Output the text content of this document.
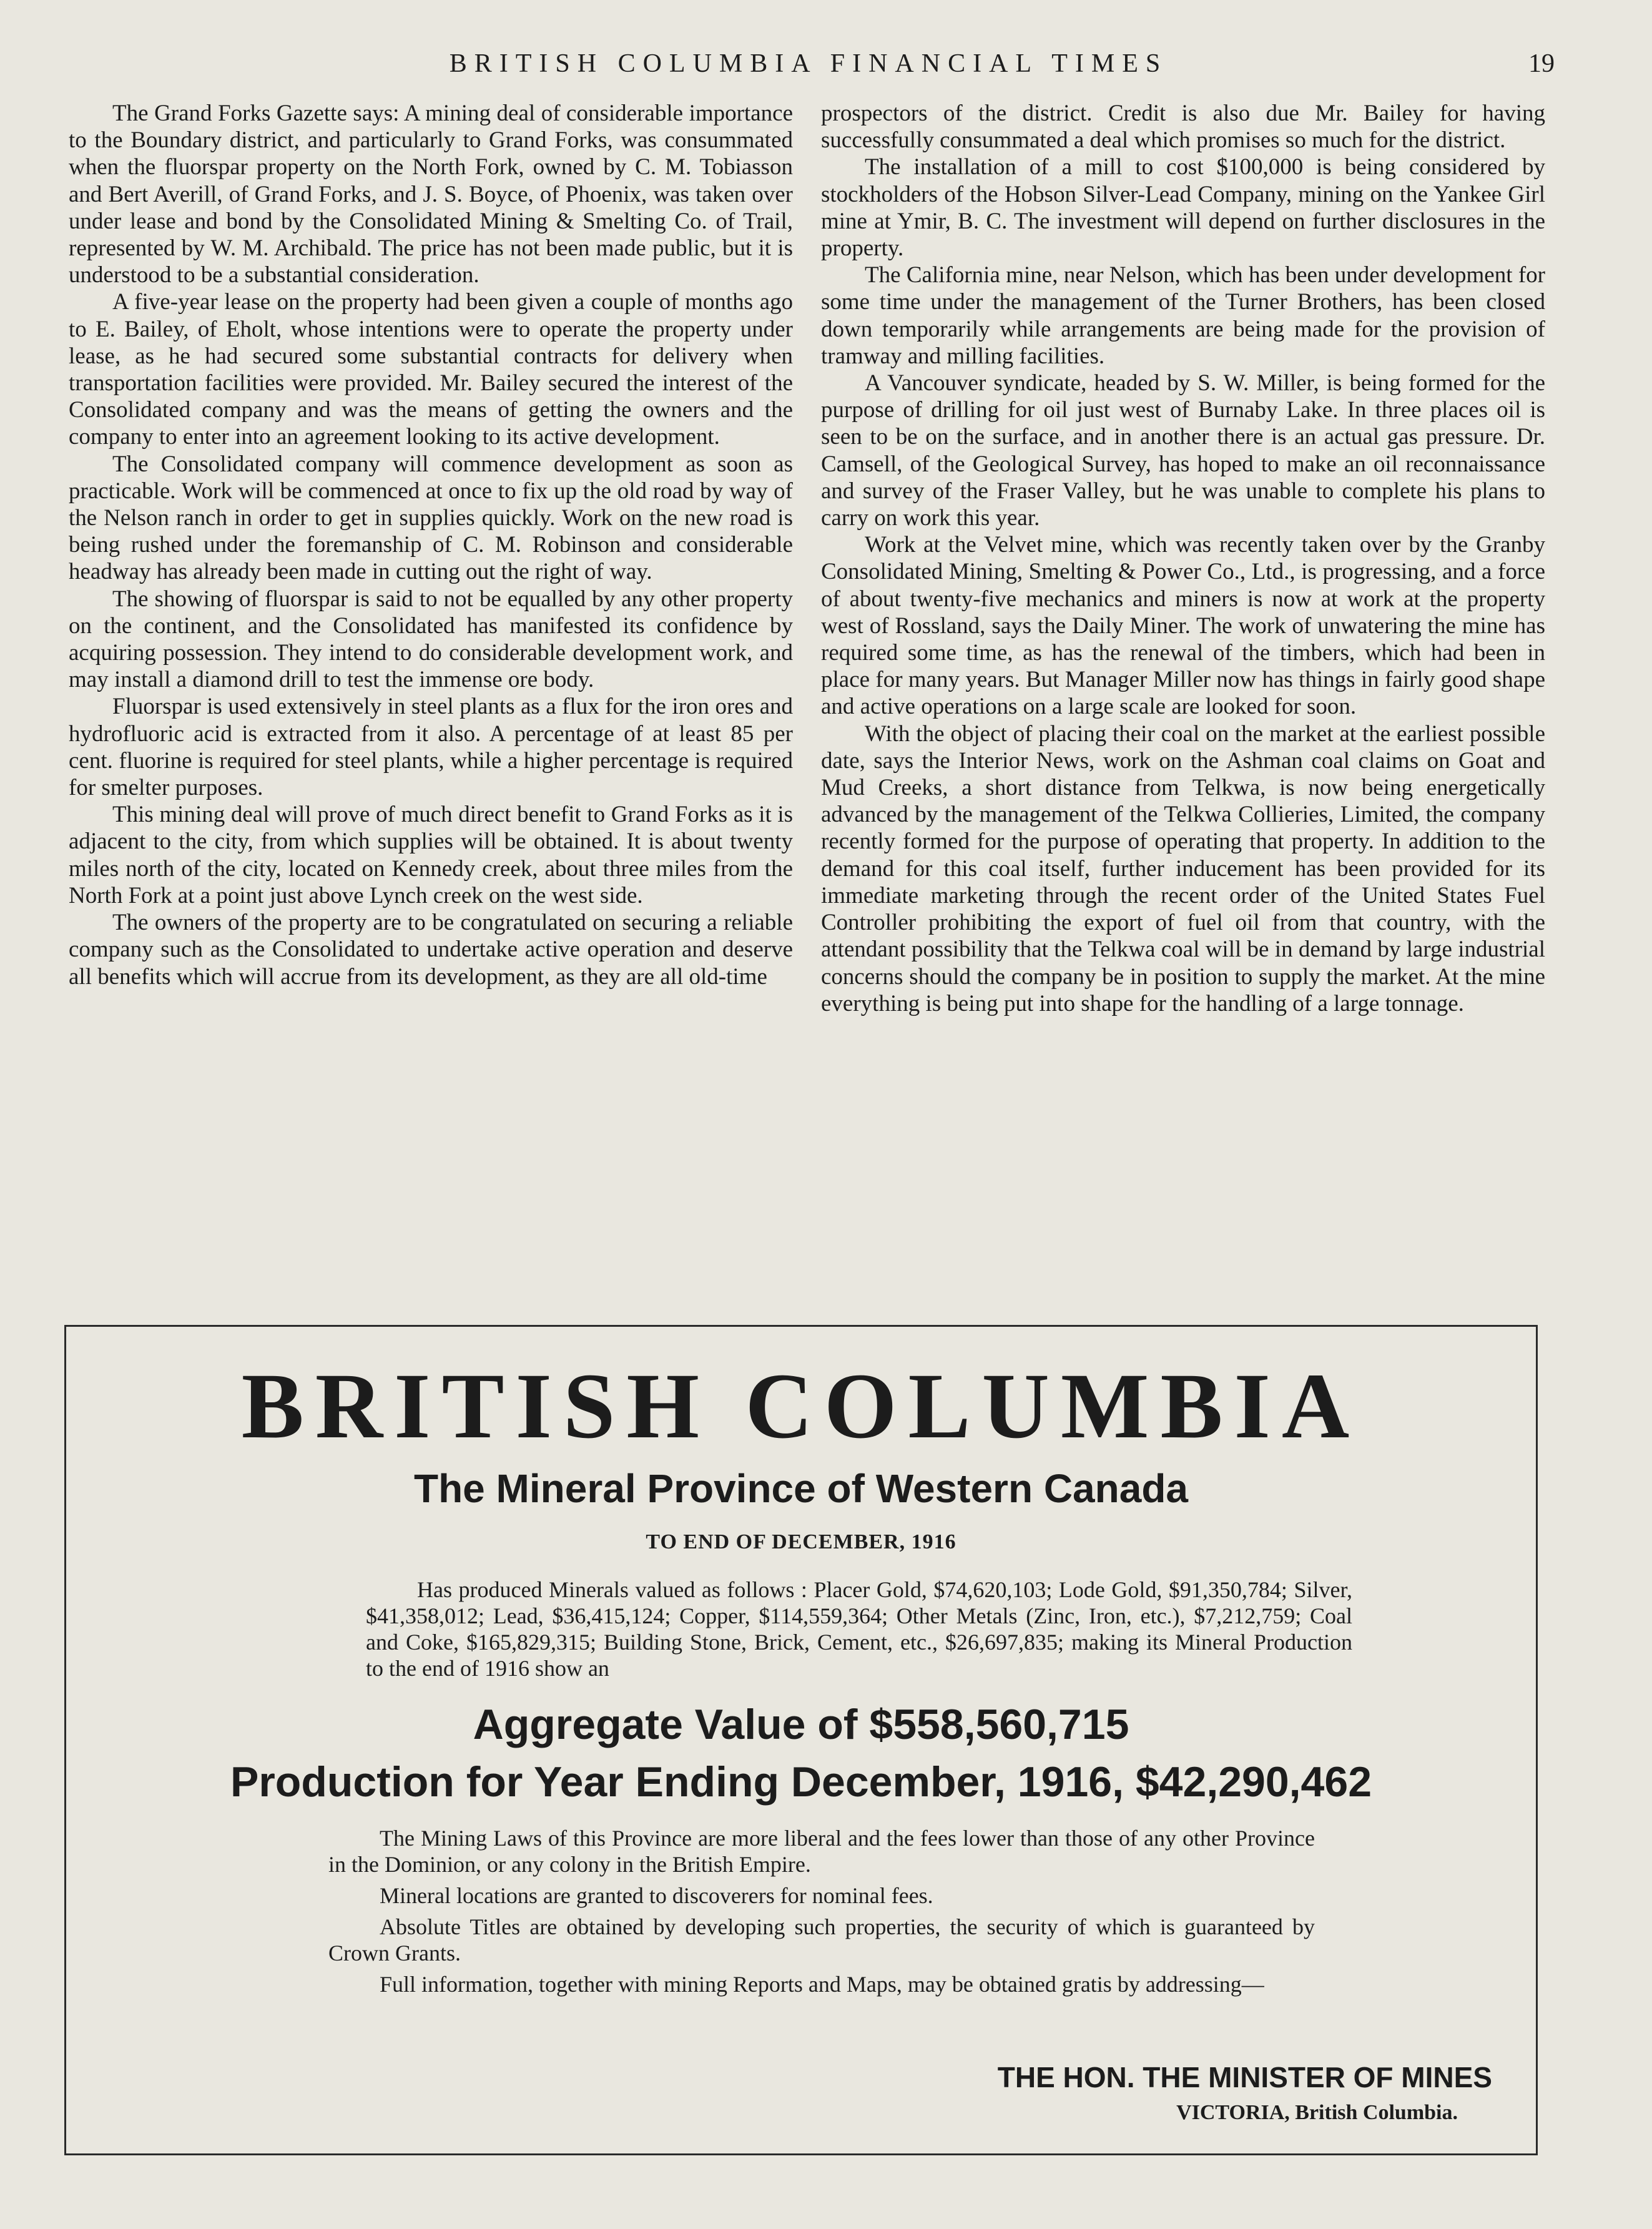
BRITISH COLUMBIA FINANCIAL TIMES	19

The Grand Forks Gazette says: A mining deal of considerable importance to the Boundary district, and particularly to Grand Forks, was consummated when the fluorspar property on the North Fork, owned by C. M. Tobiasson and Bert Averill, of Grand Forks, and J. S. Boyce, of Phoenix, was taken over under lease and bond by the Consolidated Mining & Smelting Co. of Trail, represented by W. M. Archibald. The price has not been made public, but it is understood to be a substantial consideration.

A five-year lease on the property had been given a couple of months ago to E. Bailey, of Eholt, whose intentions were to operate the property under lease, as he had secured some substantial contracts for delivery when transportation facilities were provided. Mr. Bailey secured the interest of the Consolidated company and was the means of getting the owners and the company to enter into an agreement looking to its active development.

The Consolidated company will commence development as soon as practicable. Work will be commenced at once to fix up the old road by way of the Nelson ranch in order to get in supplies quickly. Work on the new road is being rushed under the foremanship of C. M. Robinson and considerable headway has already been made in cutting out the right of way.

The showing of fluorspar is said to not be equalled by any other property on the continent, and the Consolidated has manifested its confidence by acquiring possession. They intend to do considerable development work, and may install a diamond drill to test the immense ore body.

Fluorspar is used extensively in steel plants as a flux for the iron ores and hydrofluoric acid is extracted from it also. A percentage of at least 85 per cent. fluorine is required for steel plants, while a higher percentage is required for smelter purposes.

This mining deal will prove of much direct benefit to Grand Forks as it is adjacent to the city, from which supplies will be obtained. It is about twenty miles north of the city, located on Kennedy creek, about three miles from the North Fork at a point just above Lynch creek on the west side.

The owners of the property are to be congratulated on securing a reliable company such as the Consolidated to undertake active operation and deserve all benefits which will accrue from its development, as they are all old-time

prospectors of the district. Credit is also due Mr. Bailey for having successfully consummated a deal which promises so much for the district.

The installation of a mill to cost $100,000 is being considered by stockholders of the Hobson Silver-Lead Company, mining on the Yankee Girl mine at Ymir, B. C. The investment will depend on further disclosures in the property.

The California mine, near Nelson, which has been under development for some time under the management of the Turner Brothers, has been closed down temporarily while arrangements are being made for the provision of tramway and milling facilities.

A Vancouver syndicate, headed by S. W. Miller, is being formed for the purpose of drilling for oil just west of Burnaby Lake. In three places oil is seen to be on the surface, and in another there is an actual gas pressure. Dr. Camsell, of the Geological Survey, has hoped to make an oil reconnaissance and survey of the Fraser Valley, but he was unable to complete his plans to carry on work this year.

Work at the Velvet mine, which was recently taken over by the Granby Consolidated Mining, Smelting & Power Co., Ltd., is progressing, and a force of about twenty-five mechanics and miners is now at work at the property west of Rossland, says the Daily Miner. The work of unwatering the mine has required some time, as has the renewal of the timbers, which had been in place for many years. But Manager Miller now has things in fairly good shape and active operations on a large scale are looked for soon.

With the object of placing their coal on the market at the earliest possible date, says the Interior News, work on the Ashman coal claims on Goat and Mud Creeks, a short distance from Telkwa, is now being energetically advanced by the management of the Telkwa Collieries, Limited, the company recently formed for the purpose of operating that property. In addition to the demand for this coal itself, further inducement has been provided for its immediate marketing through the recent order of the United States Fuel Controller prohibiting the export of fuel oil from that country, with the attendant possibility that the Telkwa coal will be in demand by large industrial concerns should the company be in position to supply the market. At the mine everything is being put into shape for the handling of a large tonnage.

BRITISH COLUMBIA
The Mineral Province of Western Canada
TO END OF DECEMBER, 1916

Has produced Minerals valued as follows : Placer Gold, $74,620,103; Lode Gold, $91,350,784; Silver, $41,358,012; Lead, $36,415,124; Copper, $114,559,364; Other Metals (Zinc, Iron, etc.), $7,212,759; Coal and Coke, $165,829,315; Building Stone, Brick, Cement, etc., $26,697,835; making its Mineral Production to the end of 1916 show an

Aggregate Value of $558,560,715
Production for Year Ending December, 1916, $42,290,462

The Mining Laws of this Province are more liberal and the fees lower than those of any other Province in the Dominion, or any colony in the British Empire.

Mineral locations are granted to discoverers for nominal fees.

Absolute Titles are obtained by developing such properties, the security of which is guaranteed by Crown Grants.

Full information, together with mining Reports and Maps, may be obtained gratis by addressing—

THE HON. THE MINISTER OF MINES
VICTORIA, British Columbia.
